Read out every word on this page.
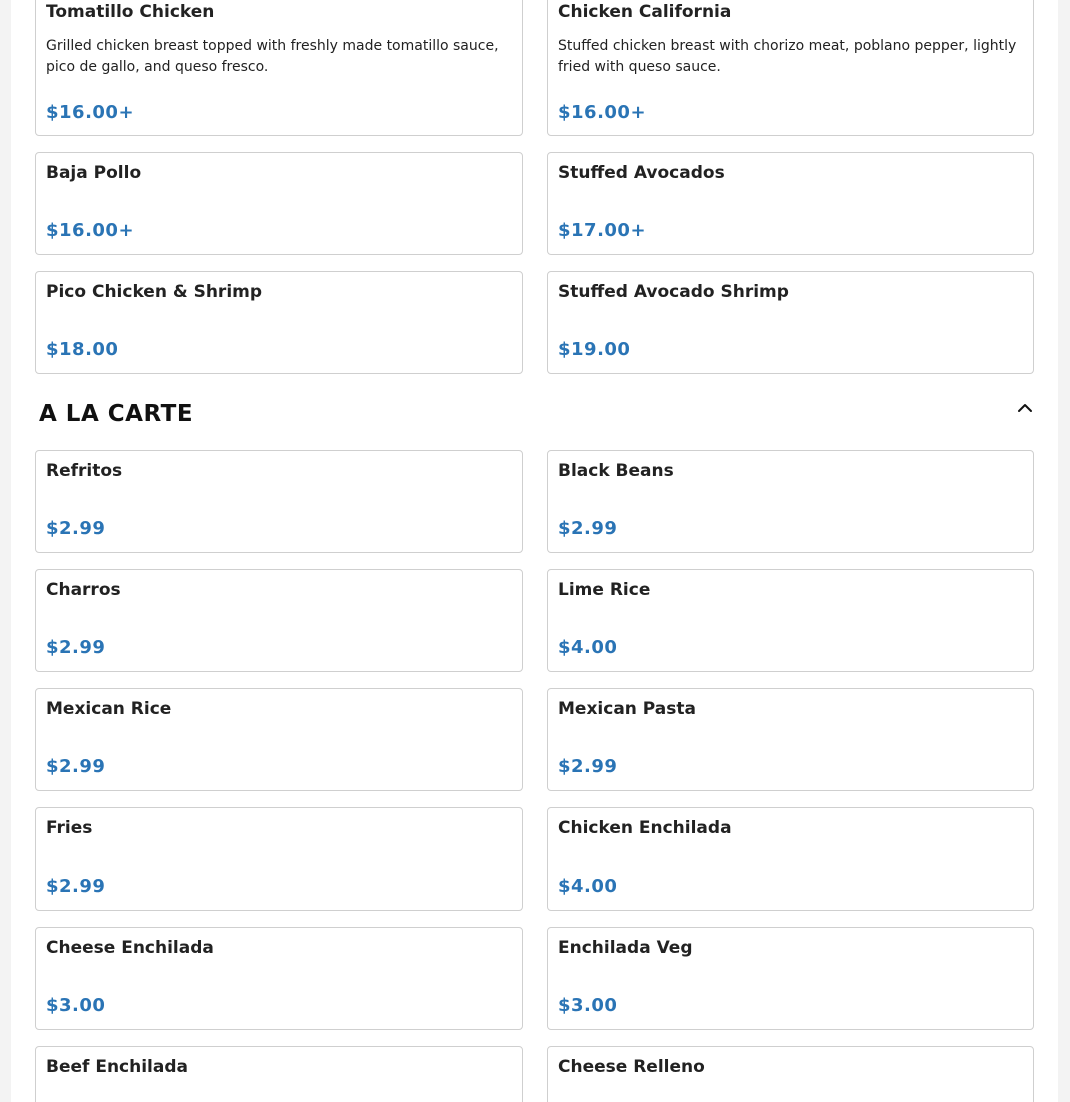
Tomatillo Chicken
Grilled chicken breast topped with freshly made tomatillo sauce, pico de gallo, and queso fresco.
$16.00+
Chicken California
Stuffed chicken breast with chorizo meat, poblano pepper, lightly fried with queso sauce.
$16.00+
Baja Pollo
$16.00+
Stuffed Avocados
$17.00+
Pico Chicken & Shrimp
$18.00
Stuffed Avocado Shrimp
$19.00
A LA CARTE
Refritos
$2.99
Black Beans
$2.99
Charros
$2.99
Lime Rice
$4.00
Mexican Rice
$2.99
Mexican Pasta
$2.99
Fries
$2.99
Chicken Enchilada
$4.00
Cheese Enchilada
$3.00
Enchilada Veg
$3.00
Beef Enchilada	Cheese Relleno
